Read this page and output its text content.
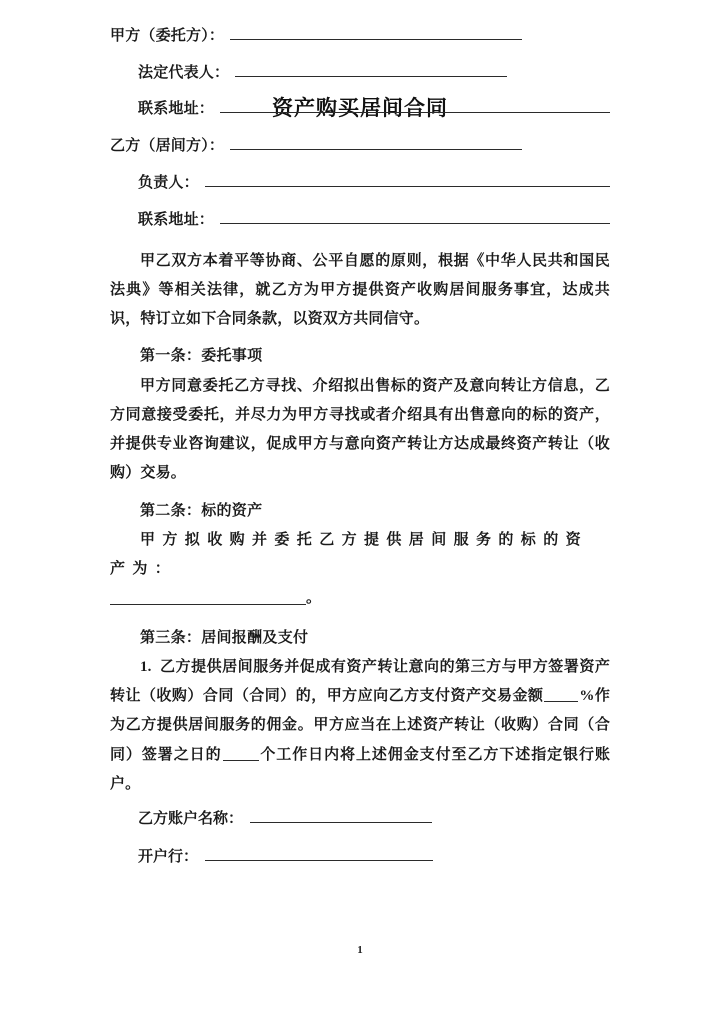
资产购买居间合同
甲方（委托方）：
法定代表人：
联系地址：
乙方（居间方）：
负责人：
联系地址：

甲乙双方本着平等协商、公平自愿的原则，根据《中华人民共和国民法典》等相关法律，就乙方为甲方提供资产收购居间服务事宜，达成共识，特订立如下合同条款，以资双方共同信守。

第一条：委托事项

甲方同意委托乙方寻找、介绍拟出售标的资产及意向转让方信息，乙方同意接受委托，并尽力为甲方寻找或者介绍具有出售意向的标的资产，并提供专业咨询建议，促成甲方与意向资产转让方达成最终资产转让（收购）交易。

第二条：标的资产

甲方拟收购并委托乙方提供居间服务的标的资产为：

。

第三条：居间报酬及支付

1. 乙方提供居间服务并促成有资产转让意向的第三方与甲方签署资产转让（收购）合同（合同）的，甲方应向乙方支付资产交易金额 %作为乙方提供居间服务的佣金。甲方应当在上述资产转让（收购）合同（合同）签署之日的	个工作日内将上述佣金支付至乙方下述指定银行账户。

乙方账户名称：
开户行：
1
